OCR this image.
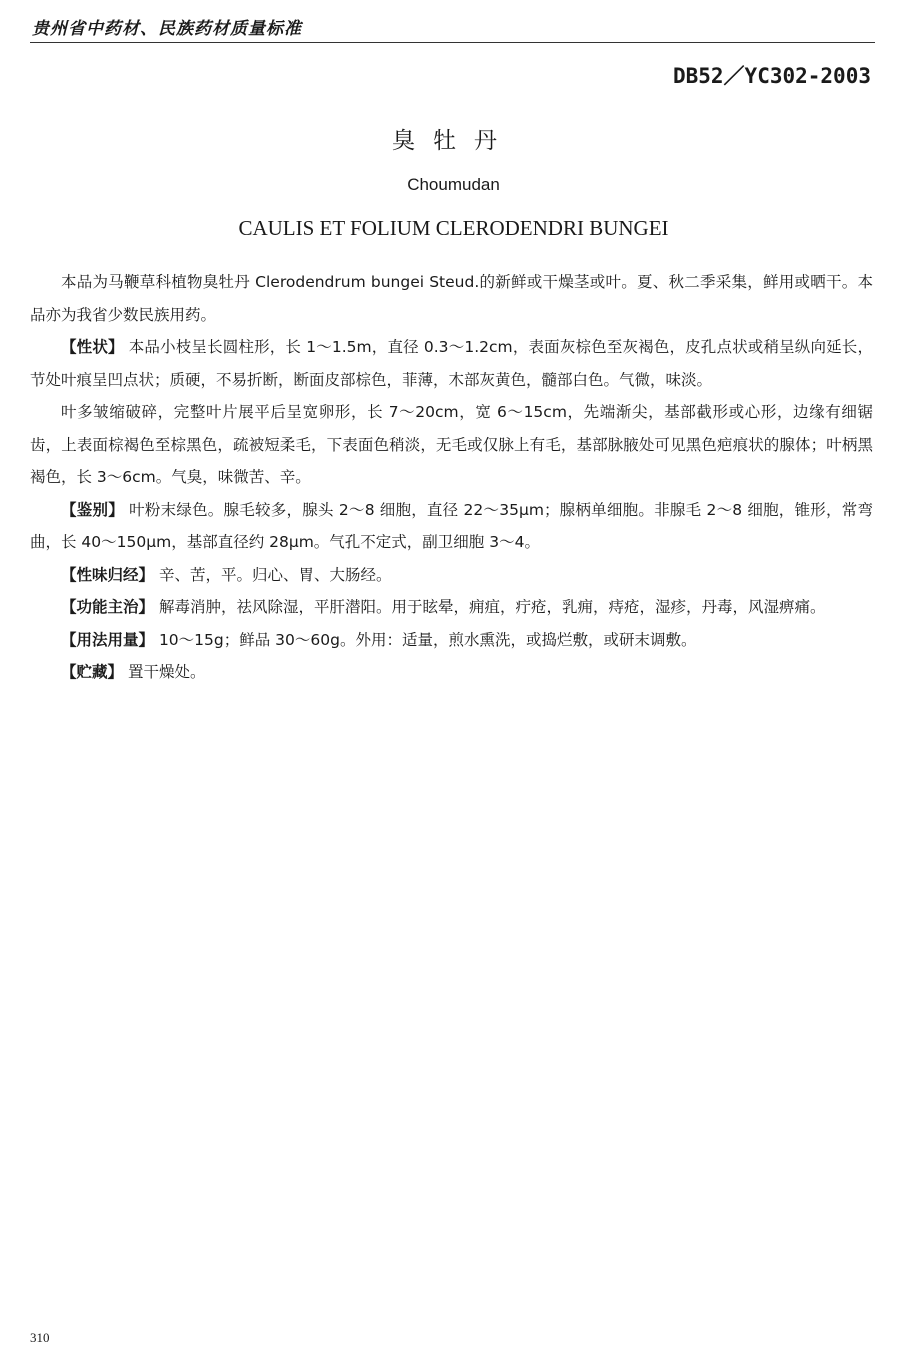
贵州省中药材、民族药材质量标准
DB52／YC302-2003
臭牡丹
Choumudan
CAULIS ET FOLIUM CLERODENDRI BUNGEI

本品为马鞭草科植物臭牡丹 Clerodendrum bungei Steud.的新鲜或干燥茎或叶。夏、秋二季采集，鲜用或晒干。本品亦为我省少数民族用药。

【性状】 本品小枝呈长圆柱形，长 1～1.5m，直径 0.3～1.2cm，表面灰棕色至灰褐色，皮孔点状或稍呈纵向延长，节处叶痕呈凹点状；质硬，不易折断，断面皮部棕色，菲薄，木部灰黄色，髓部白色。气微，味淡。

叶多皱缩破碎，完整叶片展平后呈宽卵形，长 7～20cm，宽 6～15cm，先端渐尖，基部截形或心形，边缘有细锯齿，上表面棕褐色至棕黑色，疏被短柔毛，下表面色稍淡，无毛或仅脉上有毛，基部脉腋处可见黑色疤痕状的腺体；叶柄黑褐色，长 3～6cm。气臭，味微苦、辛。

【鉴别】 叶粉末绿色。腺毛较多，腺头 2～8 细胞，直径 22～35μm；腺柄单细胞。非腺毛 2～8 细胞，锥形，常弯曲，长 40～150μm，基部直径约 28μm。气孔不定式，副卫细胞 3～4。

【性味归经】 辛、苦，平。归心、胃、大肠经。

【功能主治】 解毒消肿，祛风除湿，平肝潜阳。用于眩晕，痈疽，疔疮，乳痈，痔疮，湿疹，丹毒，风湿痹痛。

【用法用量】 10～15g；鲜品 30～60g。外用：适量，煎水熏洗，或捣烂敷，或研末调敷。

【贮藏】 置干燥处。

310
